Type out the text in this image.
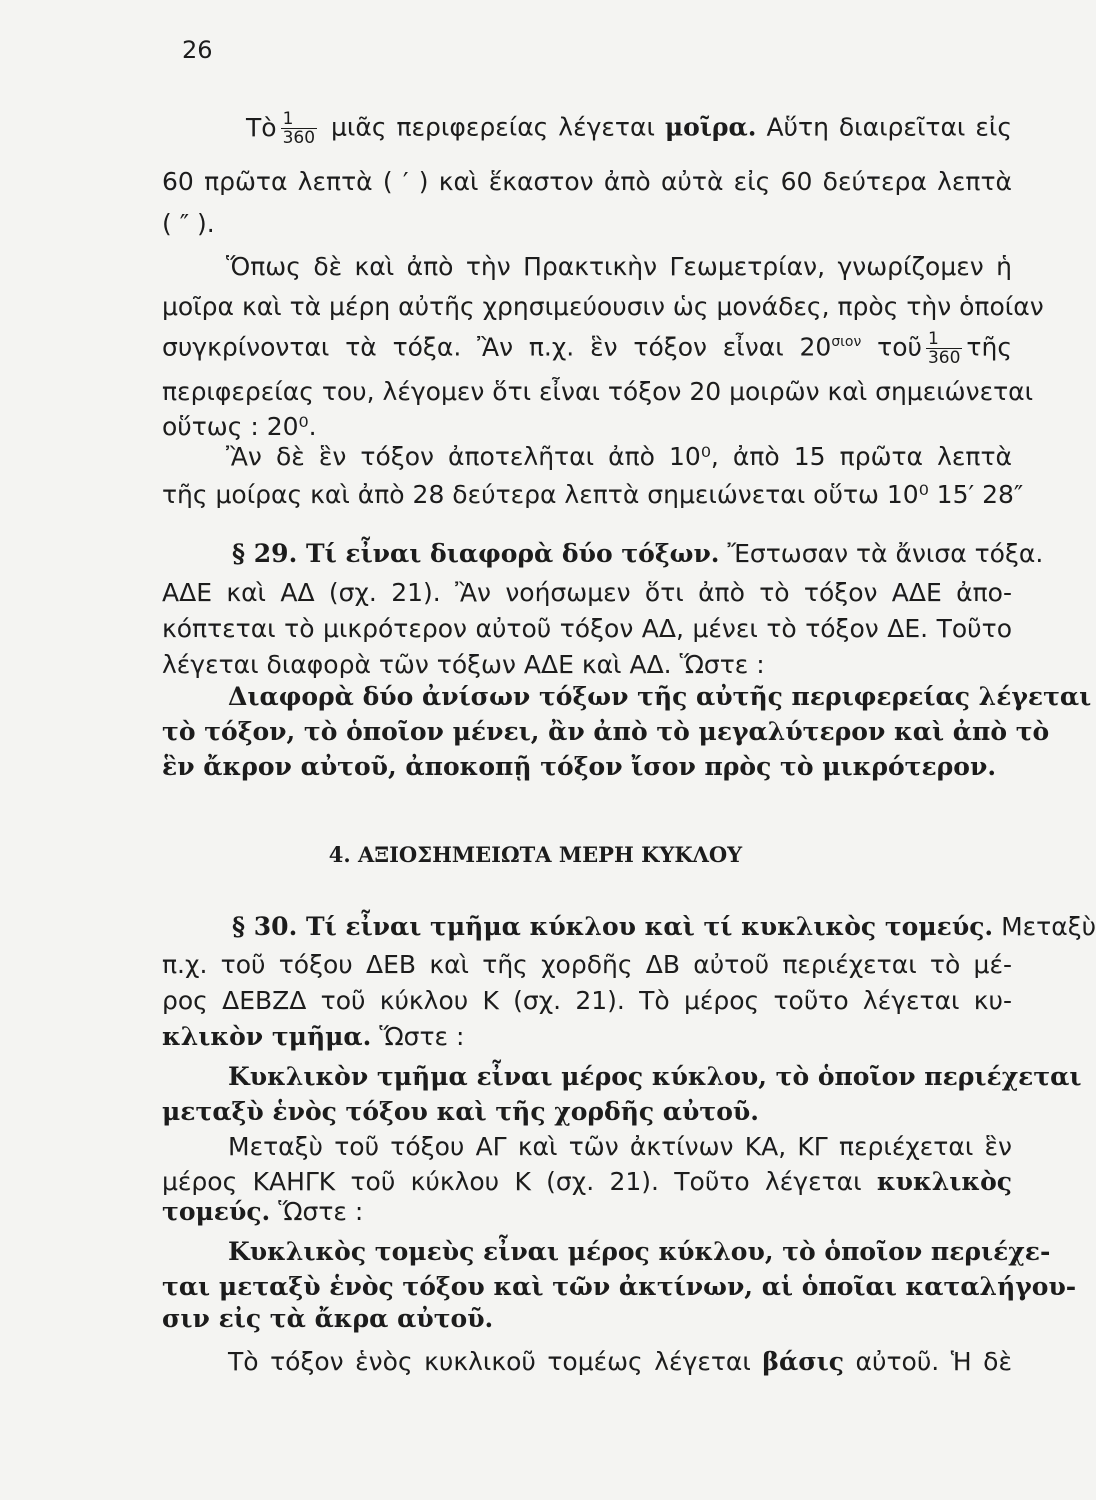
26
Τὸ $\frac{1}{360}$ μιᾶς περιφερείας λέγεται μοῖρα. Αὕτη διαιρεῖται εἰς
60 πρῶτα λεπτὰ ( ′ ) καὶ ἕκαστον ἀπὸ αὐτὰ εἰς 60 δεύτερα λεπτὰ
( ″ ).
Ὅπως δὲ καὶ ἀπὸ τὴν Πρακτικὴν Γεωμετρίαν, γνωρίζομεν ἡ
μοῖρα καὶ τὰ μέρη αὐτῆς χρησιμεύουσιν ὡς μονάδες, πρὸς τὴν ὁποίαν
συγκρίνονται τὰ τόξα. Ἂν π.χ. ἓν τόξον εἶναι $20^{\sigma\iota o\nu}$ τοῦ $\frac{1}{360}$ τῆς
περιφερείας του, λέγομεν ὅτι εἶναι τόξον 20 μοιρῶν καὶ σημειώνεται
οὕτως : 20⁰.
Ἂν δὲ ἓν τόξον ἀποτελῆται ἀπὸ 10⁰, ἀπὸ 15 πρῶτα λεπτὰ
τῆς μοίρας καὶ ἀπὸ 28 δεύτερα λεπτὰ σημειώνεται οὕτω 10⁰ 15′ 28″
§ 29. Τί εἶναι διαφορὰ δύο τόξων. Ἔστωσαν τὰ ἄνισα τόξα.
ΑΔΕ καὶ ΑΔ (σχ. 21). Ἂν νοήσωμεν ὅτι ἀπὸ τὸ τόξον ΑΔΕ ἀπο-
κόπτεται τὸ μικρότερον αὐτοῦ τόξον ΑΔ, μένει τὸ τόξον ΔΕ. Τοῦτο
λέγεται διαφορὰ τῶν τόξων ΑΔΕ καὶ ΑΔ. Ὥστε :
Διαφορὰ δύο ἀνίσων τόξων τῆς αὐτῆς περιφερείας λέγεται
τὸ τόξον, τὸ ὁποῖον μένει, ἂν ἀπὸ τὸ μεγαλύτερον καὶ ἀπὸ τὸ
ἓν ἄκρον αὐτοῦ, ἀποκοπῇ τόξον ἴσον πρὸς τὸ μικρότερον.
4. ΑΞΙΟΣΗΜΕΙΩΤΑ ΜΕΡΗ ΚΥΚΛΟΥ
§ 30. Τί εἶναι τμῆμα κύκλου καὶ τί κυκλικὸς τομεύς. Μεταξὺ
π.χ. τοῦ τόξου ΔΕΒ καὶ τῆς χορδῆς ΔΒ αὐτοῦ περιέχεται τὸ μέ-
ρος ΔΕΒΖΔ τοῦ κύκλου Κ (σχ. 21). Τὸ μέρος τοῦτο λέγεται κυ-
κλικὸν τμῆμα. Ὥστε :
Κυκλικὸν τμῆμα εἶναι μέρος κύκλου, τὸ ὁποῖον περιέχεται
μεταξὺ ἑνὸς τόξου καὶ τῆς χορδῆς αὐτοῦ.
Μεταξὺ τοῦ τόξου ΑΓ καὶ τῶν ἀκτίνων ΚΑ, ΚΓ περιέχεται ἓν
μέρος ΚΑΗΓΚ τοῦ κύκλου Κ (σχ. 21). Τοῦτο λέγεται κυκλικὸς
τομεύς. Ὥστε :
Κυκλικὸς τομεὺς εἶναι μέρος κύκλου, τὸ ὁποῖον περιέχε-
ται μεταξὺ ἑνὸς τόξου καὶ τῶν ἀκτίνων, αἱ ὁποῖαι καταλήγου-
σιν εἰς τὰ ἄκρα αὐτοῦ.
Τὸ τόξον ἑνὸς κυκλικοῦ τομέως λέγεται βάσις αὐτοῦ. Ἡ δὲ
